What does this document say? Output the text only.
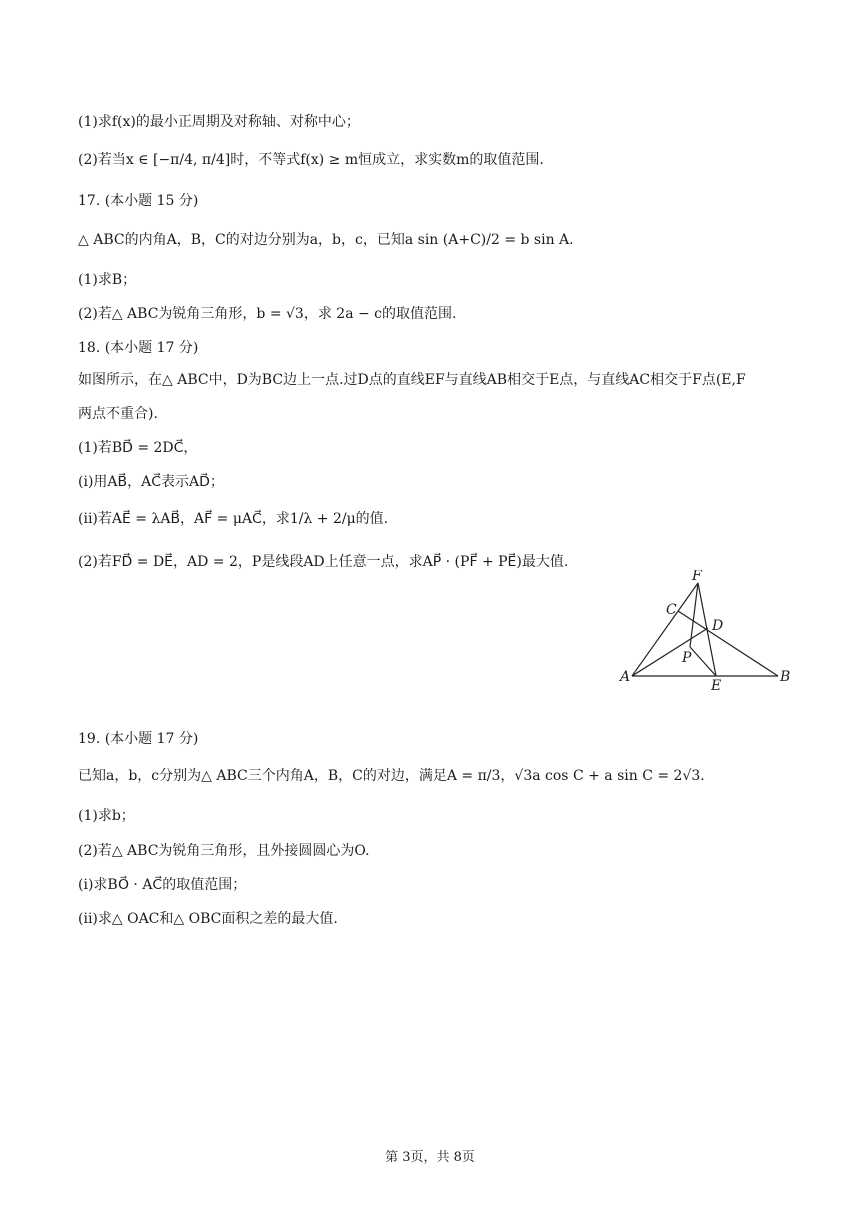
(1)求f(x)的最小正周期及对称轴、对称中心；
(2)若当x ∈ [−π/4, π/4]时，不等式f(x) ≥ m恒成立，求实数m的取值范围.
17. (本小题 15 分)
△ ABC的内角A，B，C的对边分别为a，b，c，已知a sin (A+C)/2 = b sin A.
(1)求B；
(2)若△ ABC为锐角三角形，b = √3，求 2a − c的取值范围.
18. (本小题 17 分)
如图所示，在△ ABC中，D为BC边上一点.过D点的直线EF与直线AB相交于E点，与直线AC相交于F点(E,F
两点不重合).
(1)若BD⃗ = 2DC⃗，
(i)用AB⃗，AC⃗表示AD⃗；
(ii)若AE⃗ = λAB⃗，AF⃗ = μAC⃗，求1/λ + 2/μ的值.
(2)若FD⃗ = DE⃗，AD = 2，P是线段AD上任意一点，求AP⃗ · (PF⃗ + PE⃗)最大值.
F
C
D
P
A
E
B
19. (本小题 17 分)
已知a，b，c分别为△ ABC三个内角A，B，C的对边，满足A = π/3，√3a cos C + a sin C = 2√3.
(1)求b；
(2)若△ ABC为锐角三角形，且外接圆圆心为O.
(i)求BO⃗ · AC⃗的取值范围；
(ii)求△ OAC和△ OBC面积之差的最大值.
第 3页，共 8页
